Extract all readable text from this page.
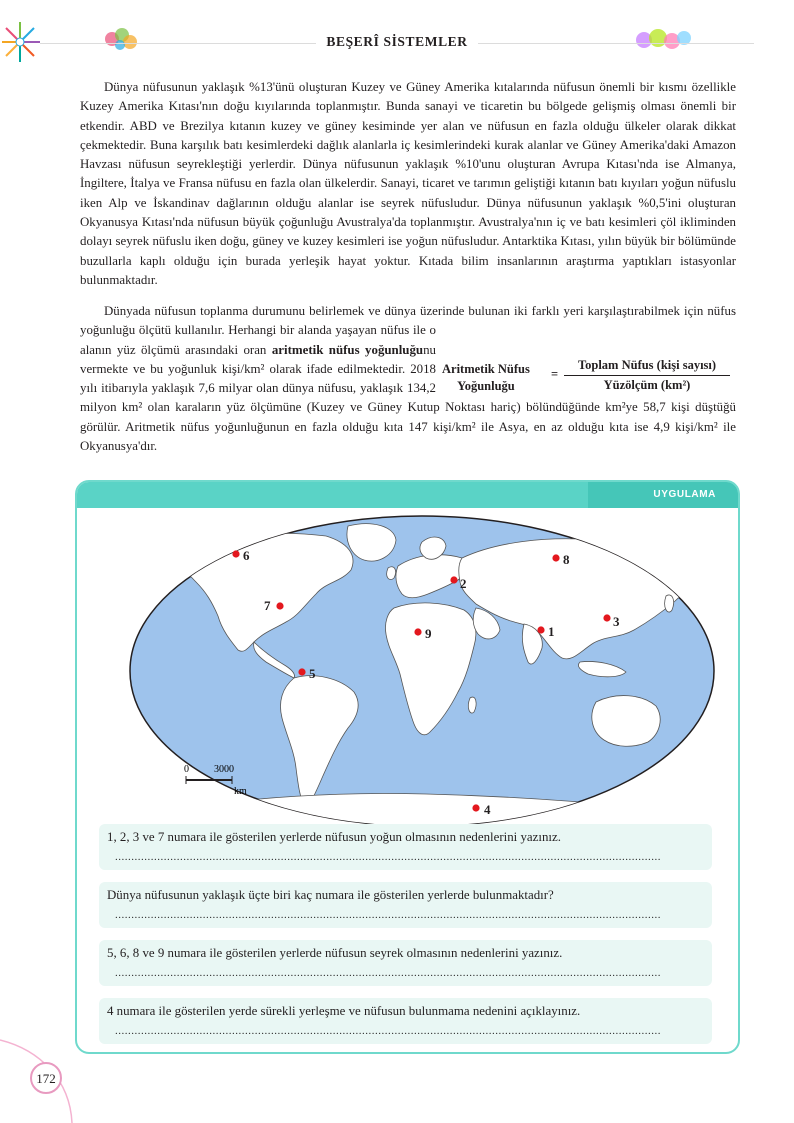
BEŞERÎ SİSTEMLER

Dünya nüfusunun yaklaşık %13'ünü oluşturan Kuzey ve Güney Amerika kıtalarında nüfusun önemli bir kısmı özellikle Kuzey Amerika Kıtası'nın doğu kıyılarında toplanmıştır. Bunda sanayi ve ticaretin bu bölgede gelişmiş olması önemli bir etkendir. ABD ve Brezilya kıtanın kuzey ve güney kesiminde yer alan ve nüfusun en fazla olduğu ülkeler olarak dikkat çekmektedir. Buna karşılık batı kesimlerdeki dağlık alanlarla iç kesimlerindeki kurak alanlar ve Güney Amerika'daki Amazon Havzası nüfusun seyrekleştiği yerlerdir. Dünya nüfusunun yaklaşık %10'unu oluşturan Avrupa Kıtası'nda ise Almanya, İngiltere, İtalya ve Fransa nüfusu en fazla olan ülkelerdir. Sanayi, ticaret ve tarımın geliştiği kıtanın batı kıyıları yoğun nüfuslu iken Alp ve İskandinav dağlarının olduğu alanlar ise seyrek nüfusludur. Dünya nüfusunun yaklaşık %0,5'ini oluşturan Okyanusya Kıtası'nda nüfusun büyük çoğunluğu Avustralya'da toplanmıştır. Avustralya'nın iç ve batı kesimleri çöl ikliminden dolayı seyrek nüfuslu iken doğu, güney ve kuzey kesimleri ise yoğun nüfusludur. Antarktika Kıtası, yılın büyük bir bölümünde buzullarla kaplı olduğu için burada yerleşik hayat yoktur. Kıtada bilim insanlarının araştırma yaptıkları istasyonlar bulunmaktadır.

Dünyada nüfusun toplanma durumunu belirlemek ve dünya üzerinde bulunan iki farklı yeri karşılaştırabilmek için nüfus yoğunluğu ölçütü kullanılır. Herhangi bir alanda yaşayan nüfus ile o alanın yüz ölçümü arasındaki oran aritmetik nüfus yoğunluğunu vermekte ve bu yoğunluk kişi/km² olarak ifade edilmektedir. 2018 yılı itibarıyla yaklaşık 7,6 milyar olan dünya nüfusu, yaklaşık 134,2 milyon km² olan karaların yüz ölçümüne (Kuzey ve Güney Kutup Noktası hariç) bölündüğünde km²ye 58,7 kişi düştüğü görülür. Aritmetik nüfus yoğunluğunun en fazla olduğu kıta 147 kişi/km² ile Asya, en az olduğu kıta ise 4,9 kişi/km² ile Okyanusya'dır.

Aritmetik Nüfus
Yoğunluğu
=
Toplam Nüfus (kişi sayısı)
Yüzölçüm (km²)
UYGULAMA
0	3000
km
1
2
3
4
5
6
7
8
9
1, 2, 3 ve 7 numara ile gösterilen yerlerde nüfusun yoğun olmasının nedenlerini yazınız.
........................................................................................................................................................................
Dünya nüfusunun yaklaşık üçte biri kaç numara ile gösterilen yerlerde bulunmaktadır?
........................................................................................................................................................................
5, 6, 8 ve 9 numara ile gösterilen yerlerde nüfusun seyrek olmasının nedenlerini yazınız.
........................................................................................................................................................................
4 numara ile gösterilen yerde sürekli yerleşme ve nüfusun bulunmama nedenini açıklayınız.
........................................................................................................................................................................
172
